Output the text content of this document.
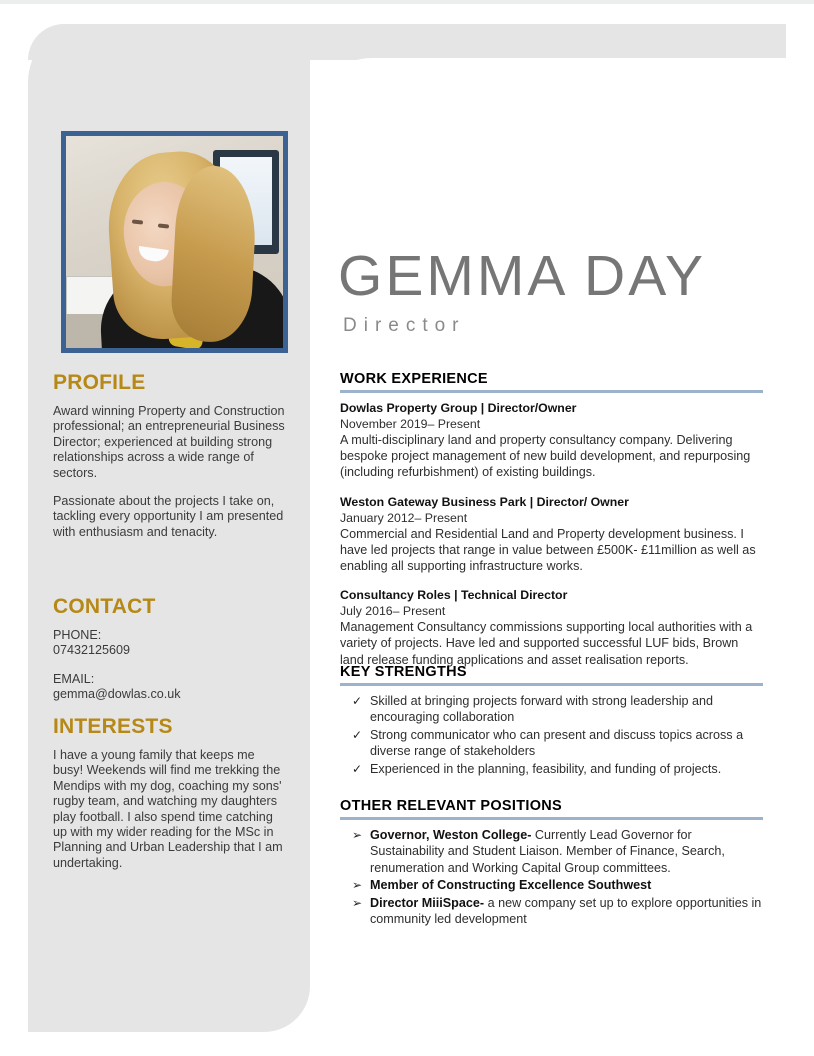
GEMMA DAY
Director
PROFILE

Award winning Property and Construction professional; an entrepreneurial Business Director; experienced at building strong relationships across a wide range of sectors.

Passionate about the projects I take on, tackling every opportunity I am presented with enthusiasm and tenacity.

CONTACT
PHONE:
07432125609
EMAIL:
gemma@dowlas.co.uk
INTERESTS

I have a young family that keeps me busy! Weekends will find me trekking the Mendips with my dog, coaching my sons' rugby team, and watching my daughters play football. I also spend time catching up with my wider reading for the MSc in Planning and Urban Leadership that I am undertaking.

WORK EXPERIENCE
Dowlas Property Group | Director/Owner
November 2019– Present
A multi-disciplinary land and property consultancy company. Delivering bespoke project management of new build development, and repurposing (including refurbishment) of existing buildings.
Weston Gateway Business Park | Director/ Owner
January 2012– Present
Commercial and Residential Land and Property development business. I have led projects that range in value between £500K- £11million as well as enabling all supporting infrastructure works.
Consultancy Roles | Technical Director
July 2016– Present
Management Consultancy commissions supporting local authorities with a variety of projects. Have led and supported successful LUF bids, Brown land release funding applications and asset realisation reports.
KEY STRENGTHS
✓ Skilled at bringing projects forward with strong leadership and encouraging collaboration
✓ Strong communicator who can present and discuss topics across a diverse range of stakeholders
✓ Experienced in the planning, feasibility, and funding of projects.
OTHER RELEVANT POSITIONS
➢ Governor, Weston College- Currently Lead Governor for Sustainability and Student Liaison. Member of Finance, Search, renumeration and Working Capital Group committees.
➢ Member of Constructing Excellence Southwest
➢ Director MiiiSpace- a new company set up to explore opportunities in community led development
